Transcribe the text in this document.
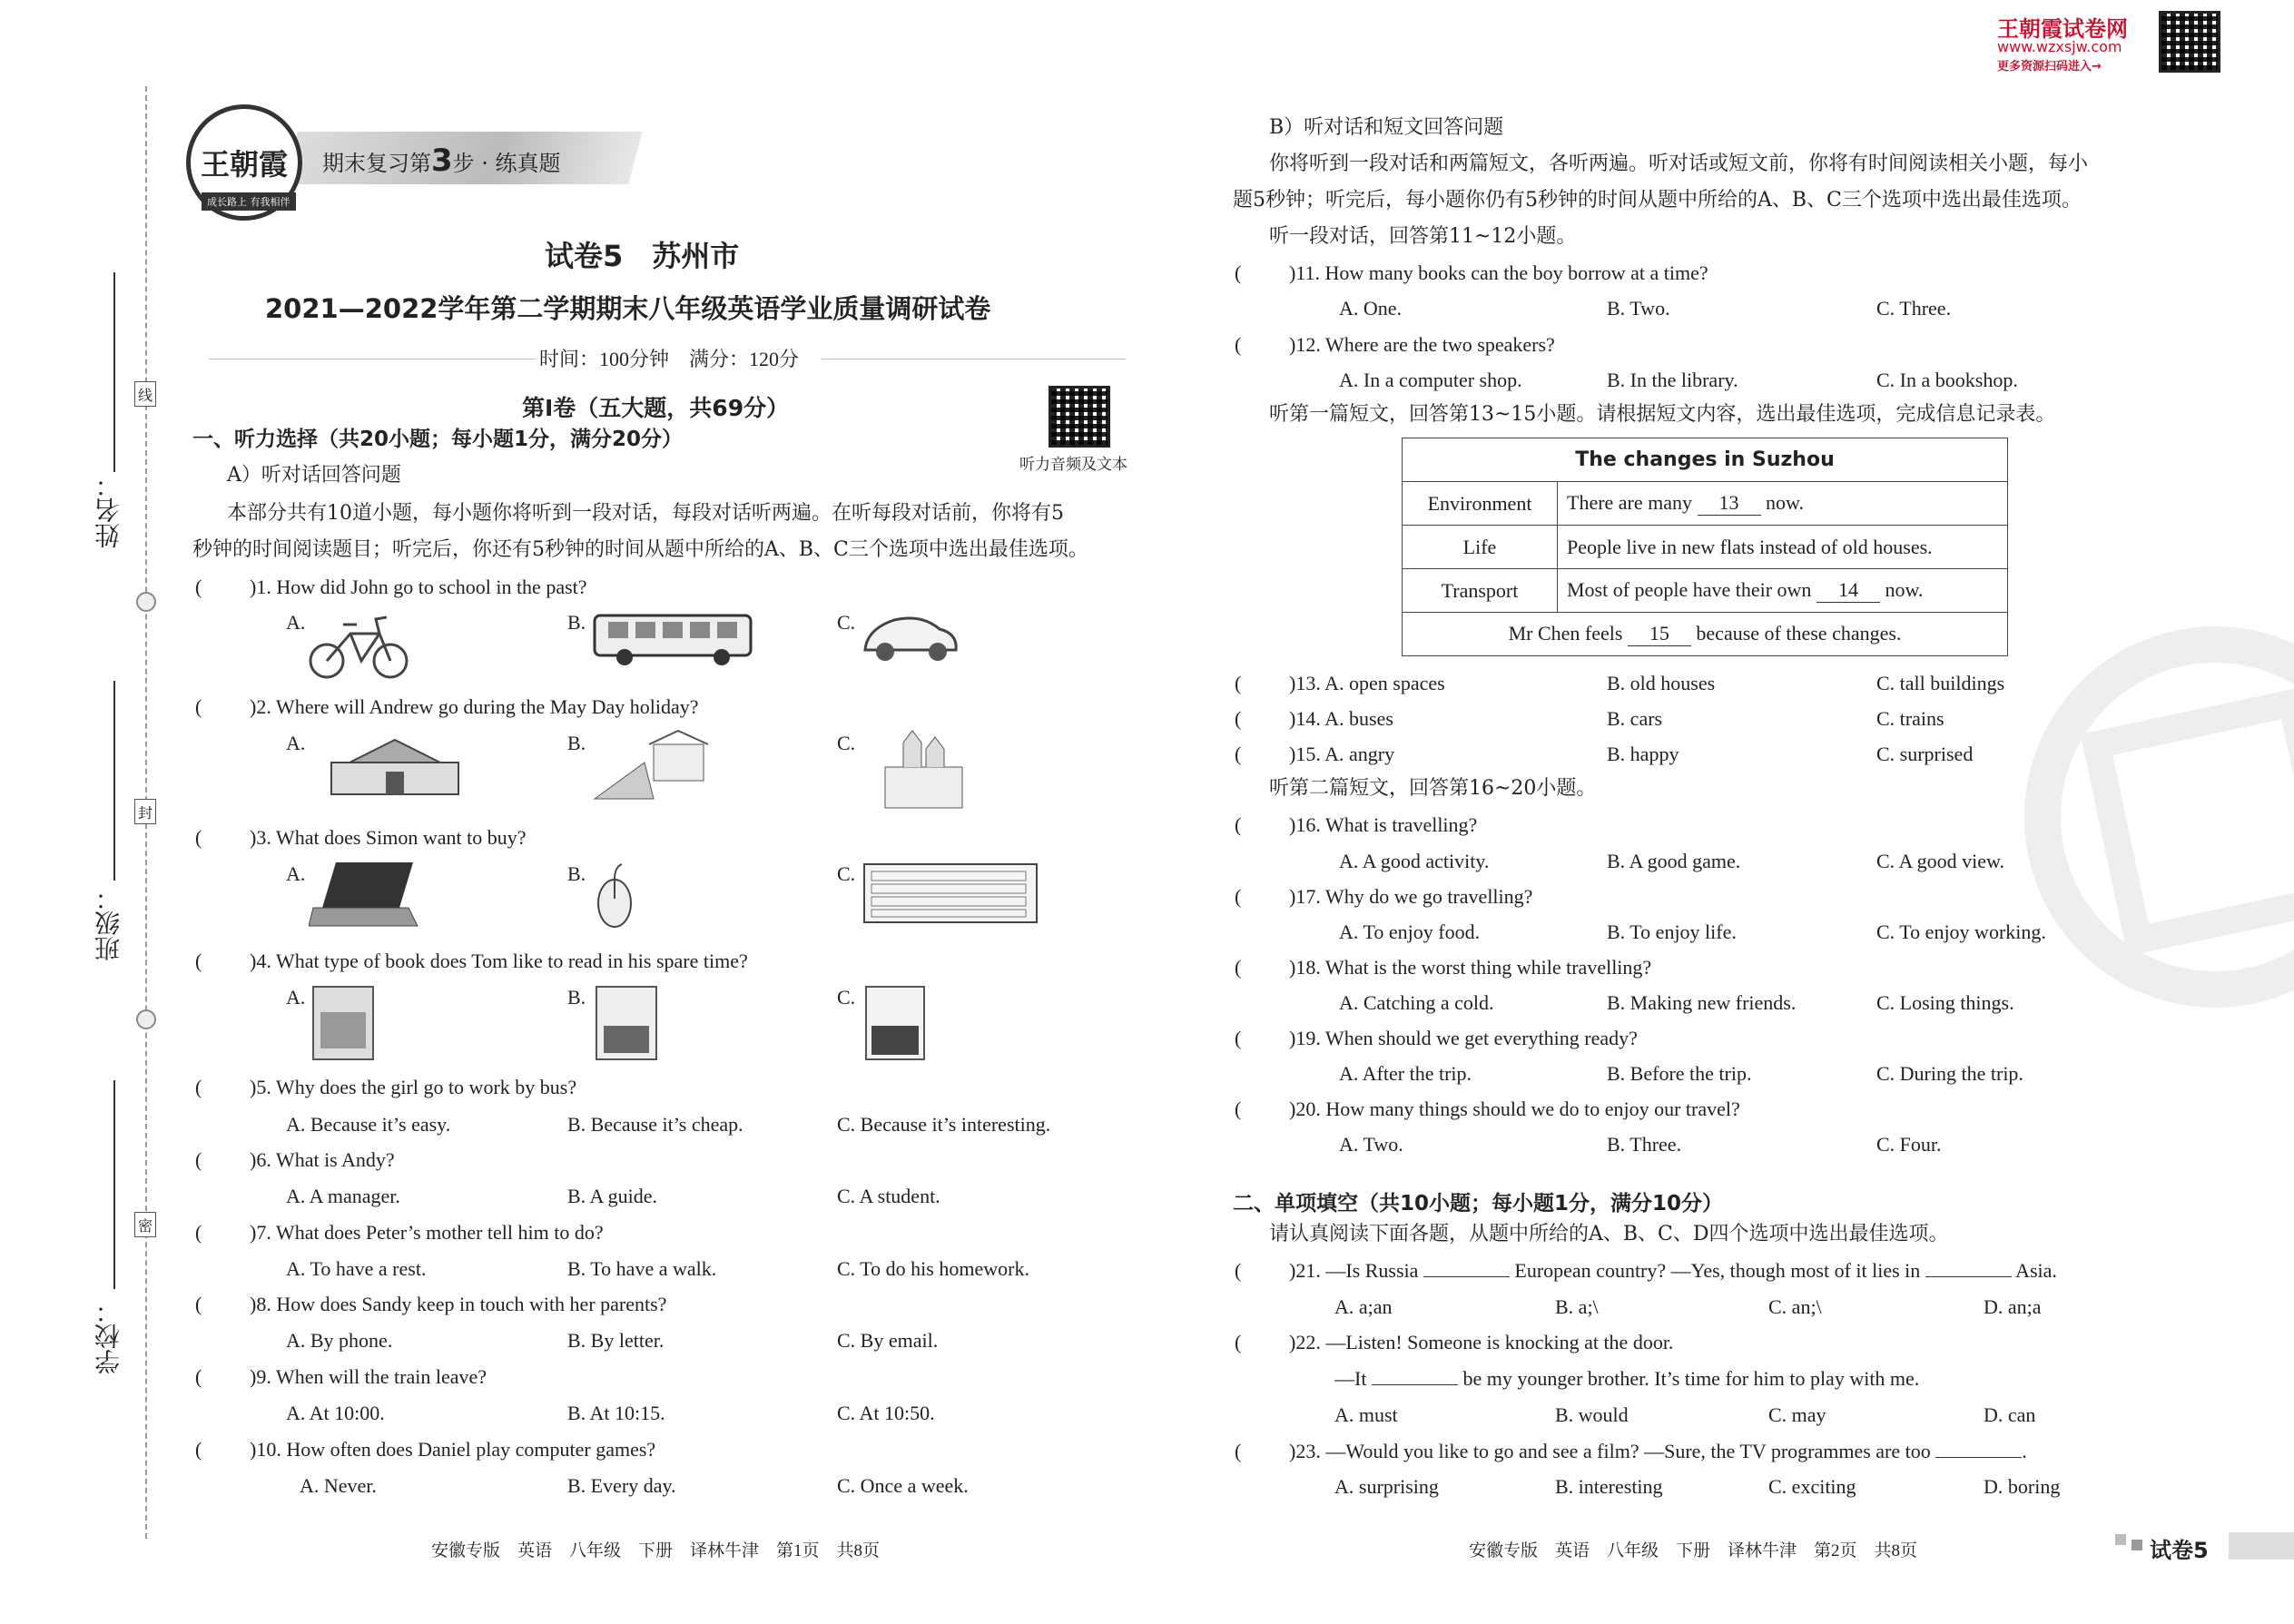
姓名：
班级：
学校：
线
封
密
期末复习第3步 · 练真题
王朝霞
成长路上 有我相伴
试卷5　苏州市
2021—2022学年第二学期期末八年级英语学业质量调研试卷
时间：100分钟　满分：120分
听力音频及文本
第Ⅰ卷（五大题，共69分）
一、听力选择（共20小题；每小题1分，满分20分）
A）听对话回答问题
本部分共有10道小题，每小题你将听到一段对话，每段对话听两遍。在听每段对话前，你将有5
秒钟的时间阅读题目；听完后，你还有5秒钟的时间从题中所给的A、B、C三个选项中选出最佳选项。
( )1. How did John go to school in the past?
A.	B.	C.
( )2. Where will Andrew go during the May Day holiday?
A.	B.	C.
( )3. What does Simon want to buy?
A.	B.	C.
( )4. What type of book does Tom like to read in his spare time?
A.	B.	C.
( )5. Why does the girl go to work by bus?
A. Because it’s easy.	B. Because it’s cheap.	C. Because it’s interesting.
( )6. What is Andy?
A. A manager.	B. A guide.	C. A student.
( )7. What does Peter’s mother tell him to do?
A. To have a rest.	B. To have a walk.	C. To do his homework.
( )8. How does Sandy keep in touch with her parents?
A. By phone.	B. By letter.	C. By email.
( )9. When will the train leave?
A. At 10:00.	B. At 10:15.	C. At 10:50.
( )10. How often does Daniel play computer games?
A. Never.	B. Every day.	C. Once a week.
安徽专版　英语　八年级　下册　译林牛津　第1页　共8页
王朝霞试卷网
www.wzxsjw.com
更多资源扫码进入→
B）听对话和短文回答问题
你将听到一段对话和两篇短文，各听两遍。听对话或短文前，你将有时间阅读相关小题，每小
题5秒钟；听完后，每小题你仍有5秒钟的时间从题中所给的A、B、C三个选项中选出最佳选项。
听一段对话，回答第11~12小题。
( )11. How many books can the boy borrow at a time?
A. One.	B. Two.	C. Three.
( )12. Where are the two speakers?
A. In a computer shop.	B. In the library.	C. In a bookshop.
听第一篇短文，回答第13~15小题。请根据短文内容，选出最佳选项，完成信息记录表。
The changes in Suzhou	
Environment	There are many 13 now.
Life	People live in new flats instead of old houses.
Transport	Most of people have their own 14 now.
Mr Chen feels 15 because of these changes.	
( )13. A. open spaces	B. old houses	C. tall buildings
( )14. A. buses	B. cars	C. trains
( )15. A. angry	B. happy	C. surprised
听第二篇短文，回答第16~20小题。
( )16. What is travelling?
A. A good activity.	B. A good game.	C. A good view.
( )17. Why do we go travelling?
A. To enjoy food.	B. To enjoy life.	C. To enjoy working.
( )18. What is the worst thing while travelling?
A. Catching a cold.	B. Making new friends.	C. Losing things.
( )19. When should we get everything ready?
A. After the trip.	B. Before the trip.	C. During the trip.
( )20. How many things should we do to enjoy our travel?
A. Two.	B. Three.	C. Four.
二、单项填空（共10小题；每小题1分，满分10分）
请认真阅读下面各题，从题中所给的A、B、C、D四个选项中选出最佳选项。
( )21. —Is Russia	European country? —Yes, though most of it lies in	Asia.
A. a;an	B. a;\	C. an;\	D. an;a
( )22. —Listen! Someone is knocking at the door.
—It	be my younger brother. It’s time for him to play with me.
A. must	B. would	C. may	D. can
( )23. —Would you like to go and see a film? —Sure, the TV programmes are too	.
A. surprising	B. interesting	C. exciting	D. boring
安徽专版　英语　八年级　下册　译林牛津　第2页　共8页	试卷5
